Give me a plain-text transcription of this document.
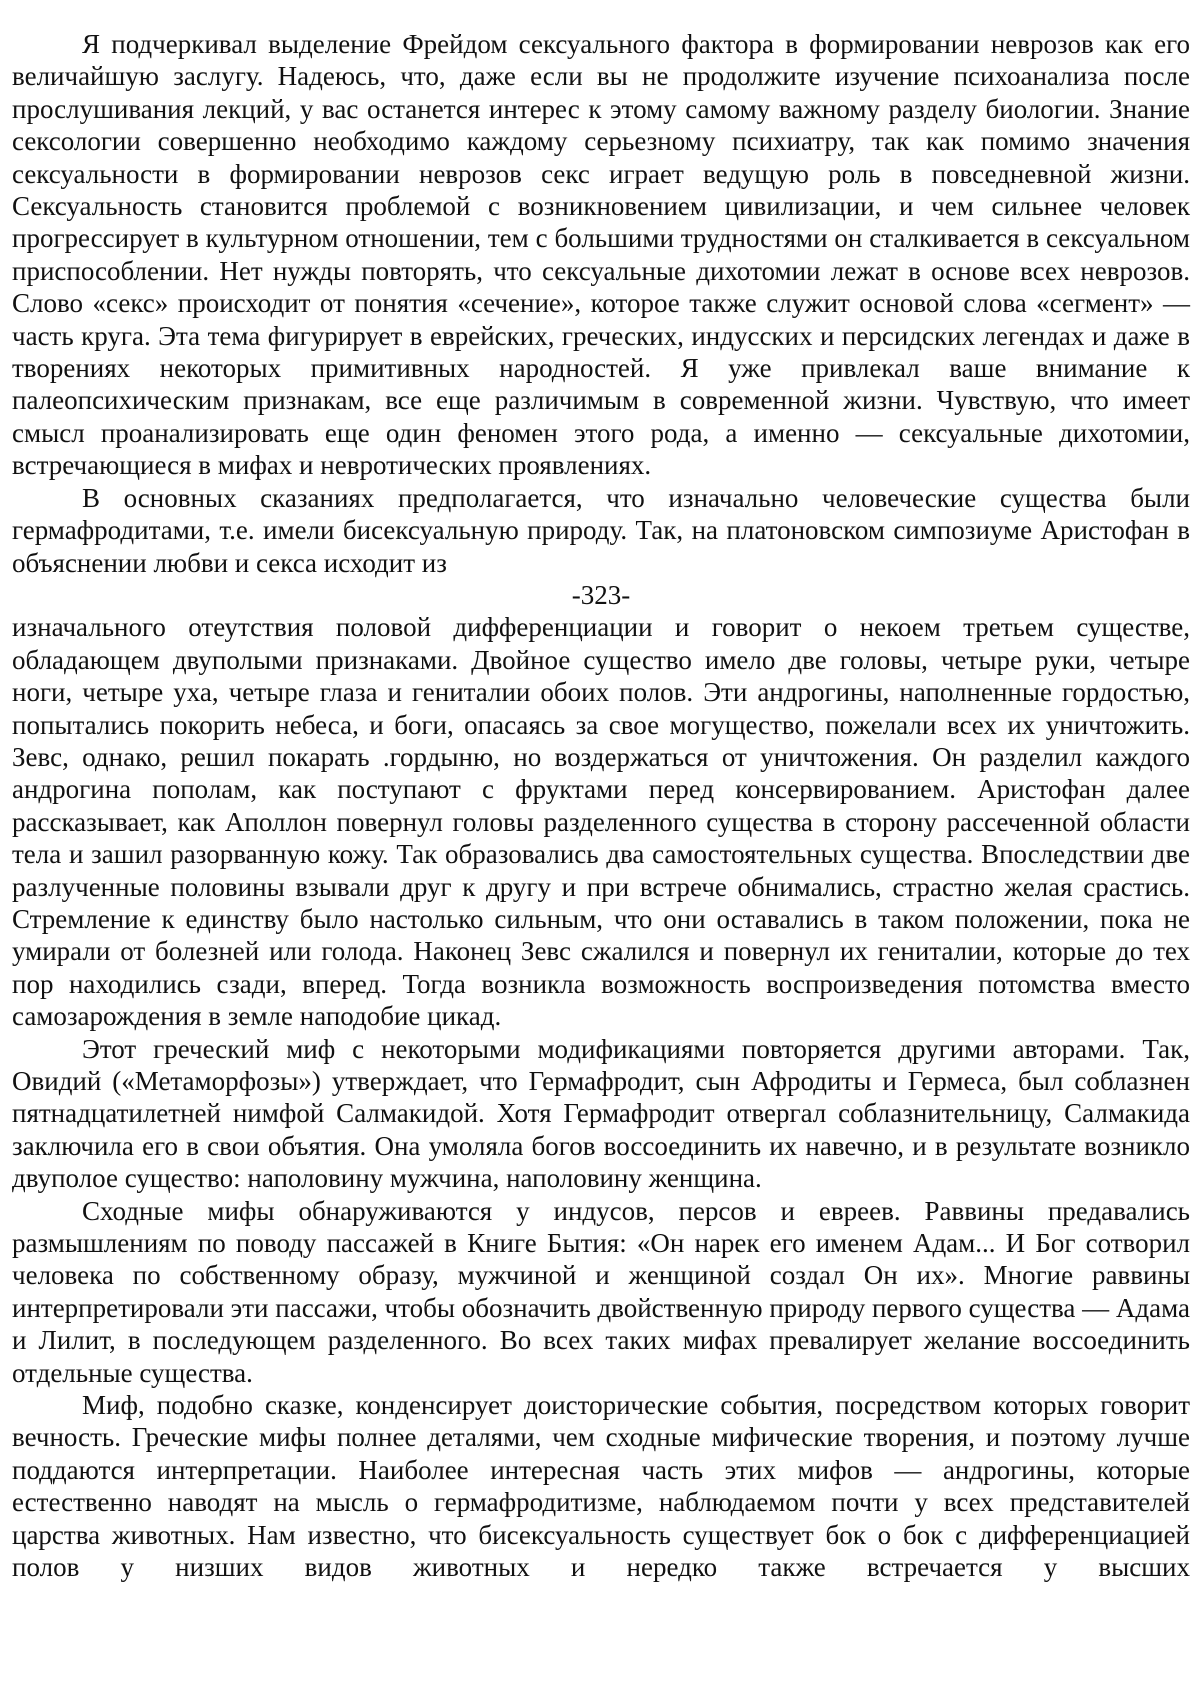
Я подчеркивал выделение Фрейдом сексуального фактора в формировании неврозов как его величайшую заслугу. Надеюсь, что, даже если вы не продолжите изучение психоанализа после прослушивания лекций, у вас останется интерес к этому самому важному разделу биологии. Знание сексологии совершенно необходимо каждому серьезному психиатру, так как помимо значения сексуальности в формировании неврозов секс играет ведущую роль в повседневной жизни. Сексуальность становится проблемой с возникновением цивилизации, и чем сильнее человек прогрессирует в культурном отношении, тем с большими трудностями он сталкивается в сексуальном приспособлении. Нет нужды повторять, что сексуальные дихотомии лежат в основе всех неврозов. Слово «секс» происходит от понятия «сечение», которое также служит основой слова «сегмент» — часть круга. Эта тема фигурирует в еврейских, греческих, индусских и персидских легендах и даже в творениях некоторых примитивных народностей. Я уже привлекал ваше внимание к палеопсихическим признакам, все еще различимым в современной жизни. Чувствую, что имеет смысл проанализировать еще один феномен этого рода, а именно — сексуальные дихотомии, встречающиеся в мифах и невротических проявлениях.

В основных сказаниях предполагается, что изначально человеческие существа были гермафродитами, т.е. имели бисексуальную природу. Так, на платоновском симпозиуме Аристофан в объяснении любви и секса исходит из

-323-

изначального отеутствия половой дифференциации и говорит о некоем третьем существе, обладающем двуполыми признаками. Двойное существо имело две головы, четыре руки, четыре ноги, четыре уха, четыре глаза и гениталии обоих полов. Эти андрогины, наполненные гордостью, попытались покорить небеса, и боги, опасаясь за свое могущество, пожелали всех их уничтожить. Зевс, однако, решил покарать .гордыню, но воздержаться от уничтожения. Он разделил каждого андрогина пополам, как поступают с фруктами перед консервированием. Аристофан далее рассказывает, как Аполлон повернул головы разделенного существа в сторону рассеченной области тела и зашил разорванную кожу. Так образовались два самостоятельных существа. Впоследствии две разлученные половины взывали друг к другу и при встрече обнимались, страстно желая срастись. Стремление к единству было настолько сильным, что они оставались в таком положении, пока не умирали от болезней или голода. Наконец Зевс сжалился и повернул их гениталии, которые до тех пор находились сзади, вперед. Тогда возникла возможность воспроизведения потомства вместо самозарождения в земле наподобие цикад.

Этот греческий миф с некоторыми модификациями повторяется другими авторами. Так, Овидий («Метаморфозы») утверждает, что Гермафродит, сын Афродиты и Гермеса, был соблазнен пятнадцатилетней нимфой Салмакидой. Хотя Гермафродит отвергал соблазнительницу, Салмакида заключила его в свои объятия. Она умоляла богов воссоединить их навечно, и в результате возникло двуполое существо: наполовину мужчина, наполовину женщина.

Сходные мифы обнаруживаются у индусов, персов и евреев. Раввины предавались размышлениям по поводу пассажей в Книге Бытия: «Он нарек его именем Адам... И Бог сотворил человека по собственному образу, мужчиной и женщиной создал Он их». Многие раввины интерпретировали эти пассажи, чтобы обозначить двойственную природу первого существа — Адама и Лилит, в последующем разделенного. Во всех таких мифах превалирует желание воссоединить отдельные существа.

Миф, подобно сказке, конденсирует доисторические события, посредством которых говорит вечность. Греческие мифы полнее деталями, чем сходные мифические творения, и поэтому лучше поддаются интерпретации. Наиболее интересная часть этих мифов — андрогины, которые естественно наводят на мысль о гермафродитизме, наблюдаемом почти у всех представителей царства животных. Нам известно, что бисексуальность существует бок о бок с дифференциацией полов у низших видов животных и нередко также встречается у высших
